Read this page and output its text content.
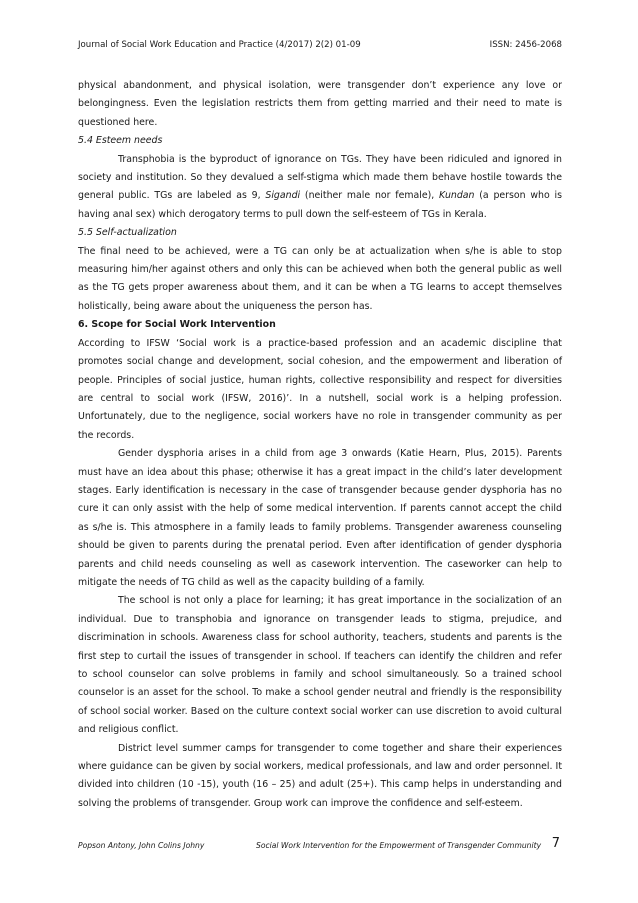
Journal of Social Work Education and Practice (4/2017) 2(2) 01-09	ISSN: 2456-2068

physical abandonment, and physical isolation, were transgender don’t experience any love or belongingness. Even the legislation restricts them from getting married and their need to mate is questioned here.

5.4 Esteem needs

Transphobia is the byproduct of ignorance on TGs. They have been ridiculed and ignored in society and institution. So they devalued a self-stigma which made them behave hostile towards the general public. TGs are labeled as 9, Sigandi (neither male nor female), Kundan (a person who is having anal sex) which derogatory terms to pull down the self-esteem of TGs in Kerala.

5.5 Self-actualization

The final need to be achieved, were a TG can only be at actualization when s/he is able to stop measuring him/her against others and only this can be achieved when both the general public as well as the TG gets proper awareness about them, and it can be when a TG learns to accept themselves holistically, being aware about the uniqueness the person has.

6. Scope for Social Work Intervention

According to IFSW ‘Social work is a practice-based profession and an academic discipline that promotes social change and development, social cohesion, and the empowerment and liberation of people. Principles of social justice, human rights, collective responsibility and respect for diversities are central to social work (IFSW, 2016)’. In a nutshell, social work is a helping profession. Unfortunately, due to the negligence, social workers have no role in transgender community as per the records.

Gender dysphoria arises in a child from age 3 onwards (Katie Hearn, Plus, 2015). Parents must have an idea about this phase; otherwise it has a great impact in the child’s later development stages. Early identification is necessary in the case of transgender because gender dysphoria has no cure it can only assist with the help of some medical intervention. If parents cannot accept the child as s/he is. This atmosphere in a family leads to family problems. Transgender awareness counseling should be given to parents during the prenatal period. Even after identification of gender dysphoria parents and child needs counseling as well as casework intervention. The caseworker can help to mitigate the needs of TG child as well as the capacity building of a family.

The school is not only a place for learning; it has great importance in the socialization of an individual. Due to transphobia and ignorance on transgender leads to stigma, prejudice, and discrimination in schools. Awareness class for school authority, teachers, students and parents is the first step to curtail the issues of transgender in school. If teachers can identify the children and refer to school counselor can solve problems in family and school simultaneously. So a trained school counselor is an asset for the school. To make a school gender neutral and friendly is the responsibility of school social worker. Based on the culture context social worker can use discretion to avoid cultural and religious conflict.

District level summer camps for transgender to come together and share their experiences where guidance can be given by social workers, medical professionals, and law and order personnel. It divided into children (10 -15), youth (16 – 25) and adult (25+). This camp helps in understanding and solving the problems of transgender. Group work can improve the confidence and self-esteem.

Popson Antony, John Colins Johny	Social Work Intervention for the Empowerment of Transgender Community 7
